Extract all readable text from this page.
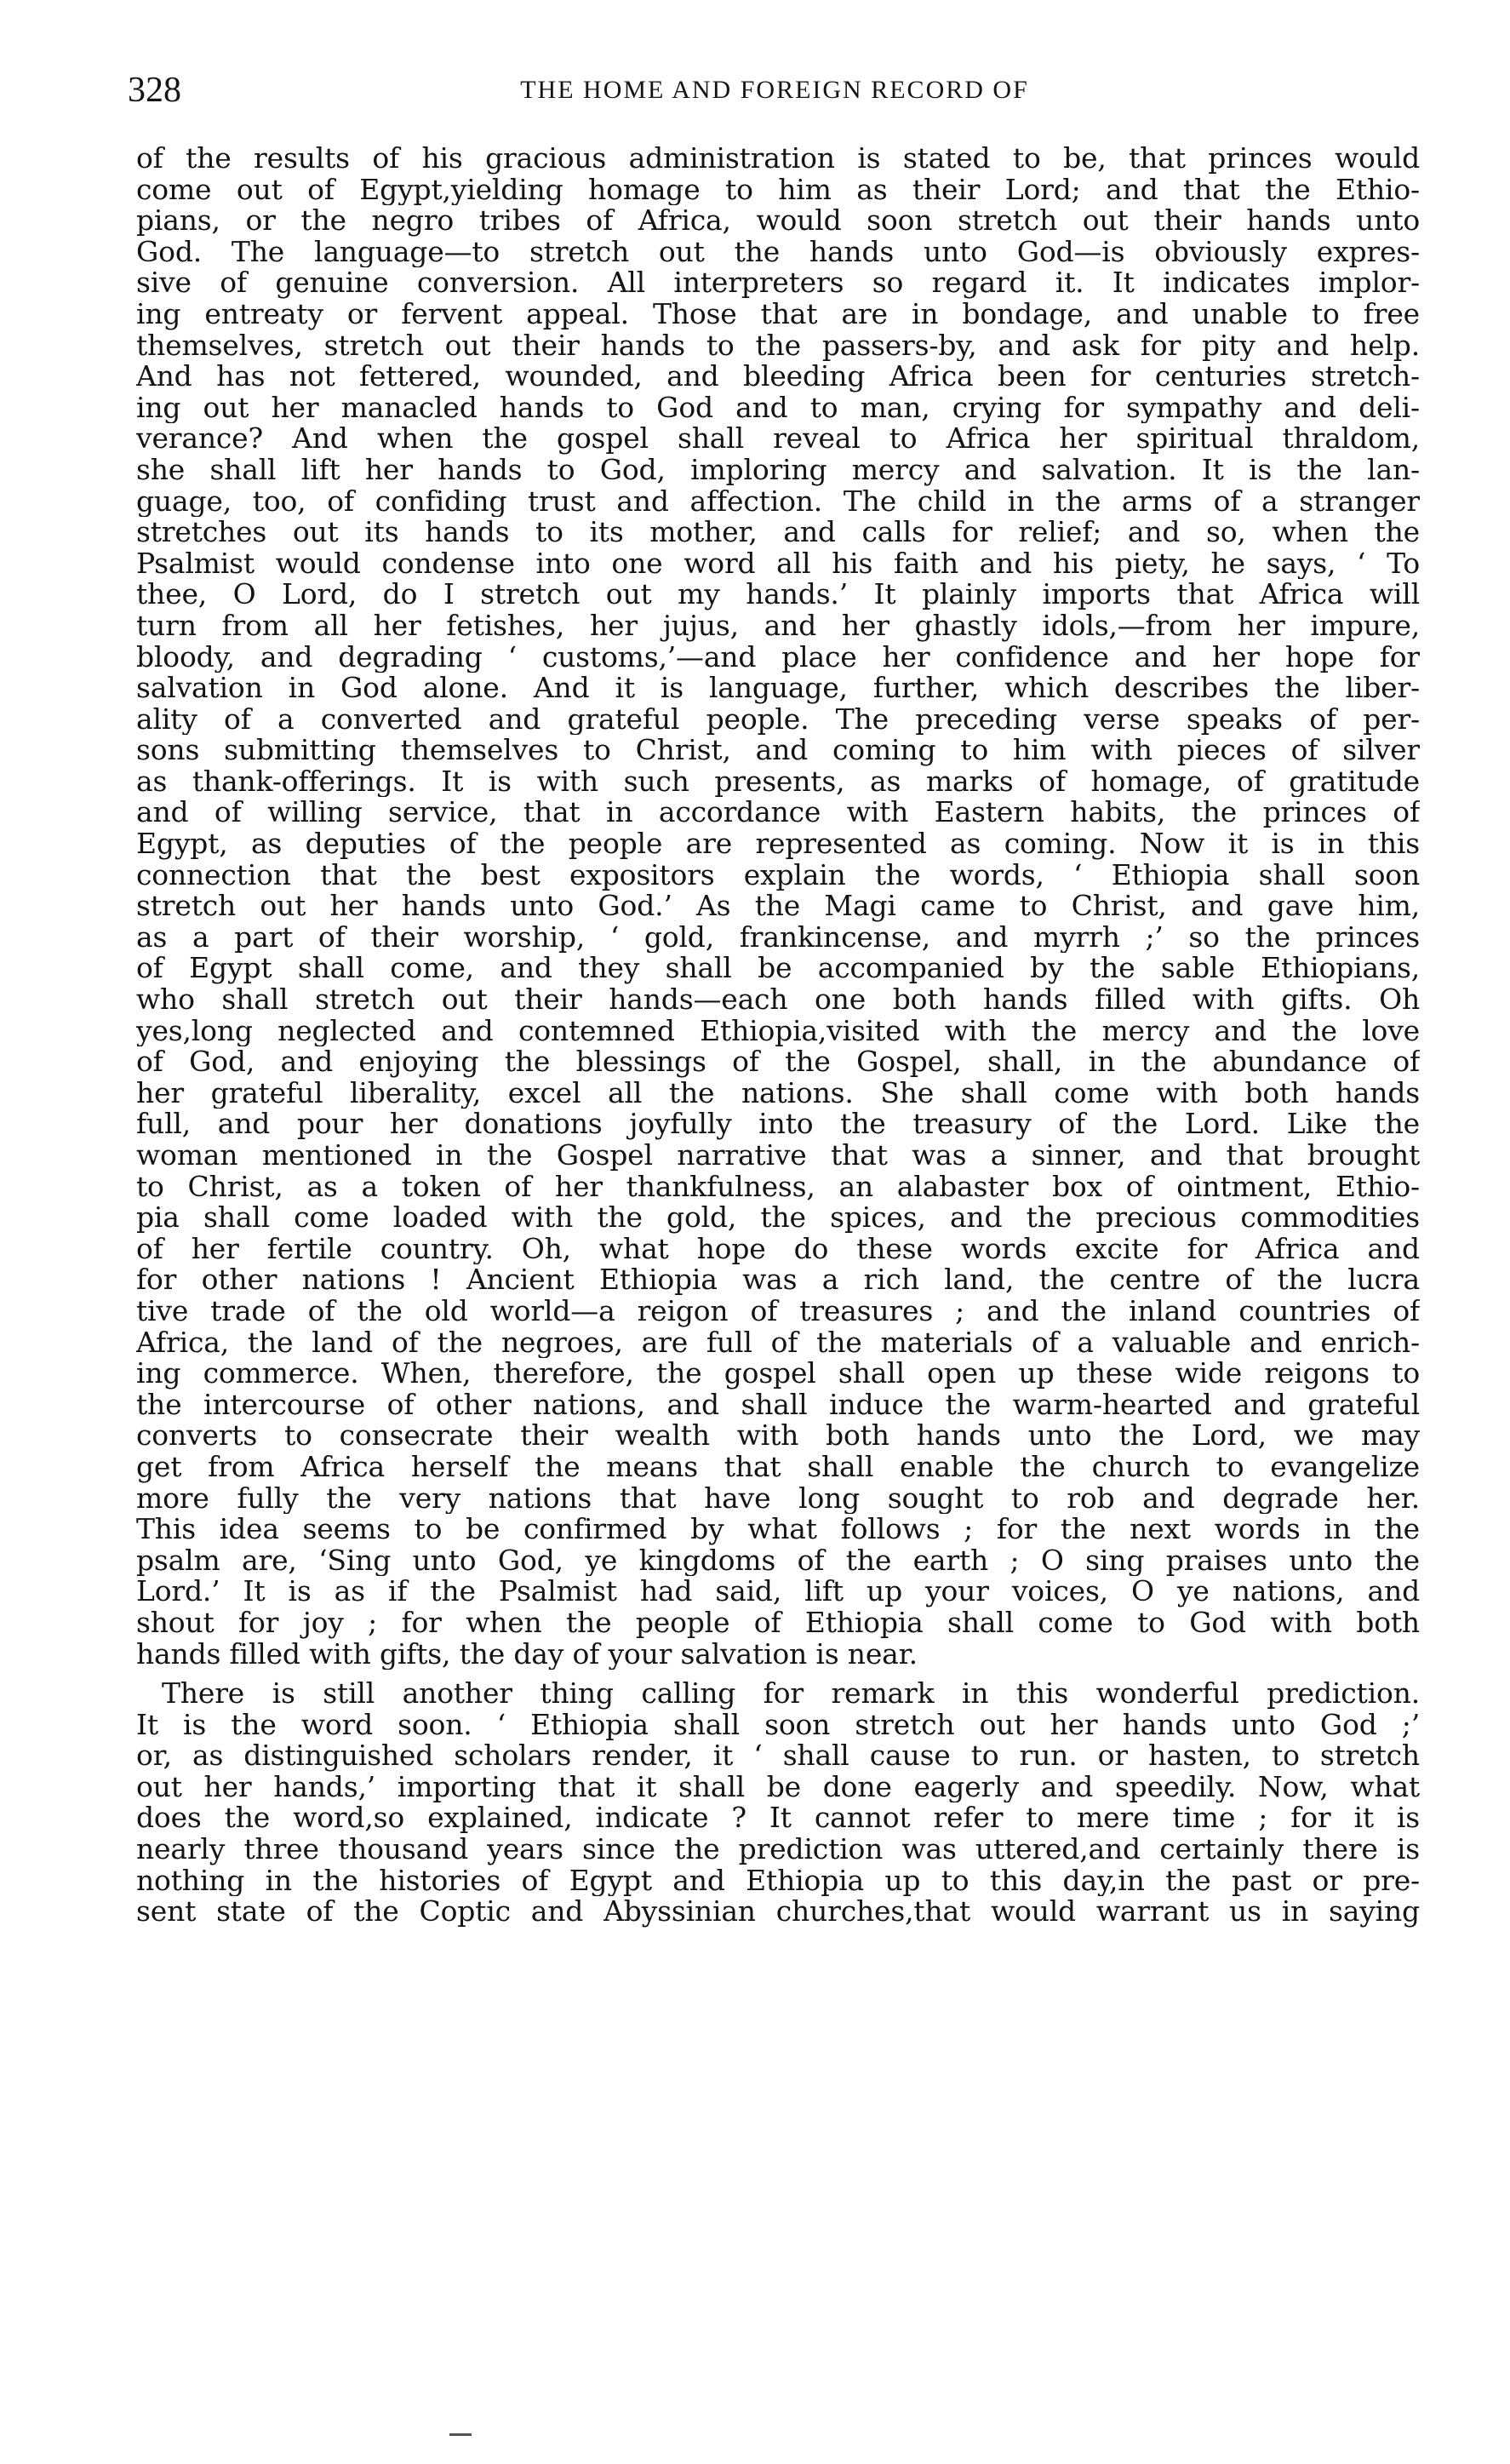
328	THE HOME AND FOREIGN RECORD OF
of the results of his gracious administration is stated to be, that princes would
come out of Egypt,yielding homage to him as their Lord; and that the Ethio-
pians, or the negro tribes of Africa, would soon stretch out their hands unto
God. The language—to stretch out the hands unto God—is obviously expres-
sive of genuine conversion. All interpreters so regard it. It indicates implor-
ing entreaty or fervent appeal. Those that are in bondage, and unable to free
themselves, stretch out their hands to the passers-by, and ask for pity and help.
And has not fettered, wounded, and bleeding Africa been for centuries stretch-
ing out her manacled hands to God and to man, crying for sympathy and deli-
verance? And when the gospel shall reveal to Africa her spiritual thraldom,
she shall lift her hands to God, imploring mercy and salvation. It is the lan-
guage, too, of confiding trust and affection. The child in the arms of a stranger
stretches out its hands to its mother, and calls for relief; and so, when the
Psalmist would condense into one word all his faith and his piety, he says, ‘ To
thee, O Lord, do I stretch out my hands.’ It plainly imports that Africa will
turn from all her fetishes, her jujus, and her ghastly idols,—from her impure,
bloody, and degrading ‘ customs,’—and place her confidence and her hope for
salvation in God alone. And it is language, further, which describes the liber-
ality of a converted and grateful people. The preceding verse speaks of per-
sons submitting themselves to Christ, and coming to him with pieces of silver
as thank-offerings. It is with such presents, as marks of homage, of gratitude
and of willing service, that in accordance with Eastern habits, the princes of
Egypt, as deputies of the people are represented as coming. Now it is in this
connection that the best expositors explain the words, ‘ Ethiopia shall soon
stretch out her hands unto God.’ As the Magi came to Christ, and gave him,
as a part of their worship, ‘ gold, frankincense, and myrrh ;’ so the princes
of Egypt shall come, and they shall be accompanied by the sable Ethiopians,
who shall stretch out their hands—each one both hands filled with gifts. Oh
yes,long neglected and contemned Ethiopia,visited with the mercy and the love
of God, and enjoying the blessings of the Gospel, shall, in the abundance of
her grateful liberality, excel all the nations. She shall come with both hands
full, and pour her donations joyfully into the treasury of the Lord. Like the
woman mentioned in the Gospel narrative that was a sinner, and that brought
to Christ, as a token of her thankfulness, an alabaster box of ointment, Ethio-
pia shall come loaded with the gold, the spices, and the precious commodities
of her fertile country. Oh, what hope do these words excite for Africa and
for other nations ! Ancient Ethiopia was a rich land, the centre of the lucra
tive trade of the old world—a reigon of treasures ; and the inland countries of
Africa, the land of the negroes, are full of the materials of a valuable and enrich-
ing commerce. When, therefore, the gospel shall open up these wide reigons to
the intercourse of other nations, and shall induce the warm-hearted and grateful
converts to consecrate their wealth with both hands unto the Lord, we may
get from Africa herself the means that shall enable the church to evangelize
more fully the very nations that have long sought to rob and degrade her.
This idea seems to be confirmed by what follows ; for the next words in the
psalm are, ‘Sing unto God, ye kingdoms of the earth ; O sing praises unto the
Lord.’ It is as if the Psalmist had said, lift up your voices, O ye nations, and
shout for joy ; for when the people of Ethiopia shall come to God with both
hands filled with gifts, the day of your salvation is near.
There is still another thing calling for remark in this wonderful prediction.
It is the word soon. ‘ Ethiopia shall soon stretch out her hands unto God ;’
or, as distinguished scholars render, it ‘ shall cause to run. or hasten, to stretch
out her hands,’ importing that it shall be done eagerly and speedily. Now, what
does the word,so explained, indicate ? It cannot refer to mere time ; for it is
nearly three thousand years since the prediction was uttered,and certainly there is
nothing in the histories of Egypt and Ethiopia up to this day,in the past or pre-
sent state of the Coptic and Abyssinian churches,that would warrant us in saying
